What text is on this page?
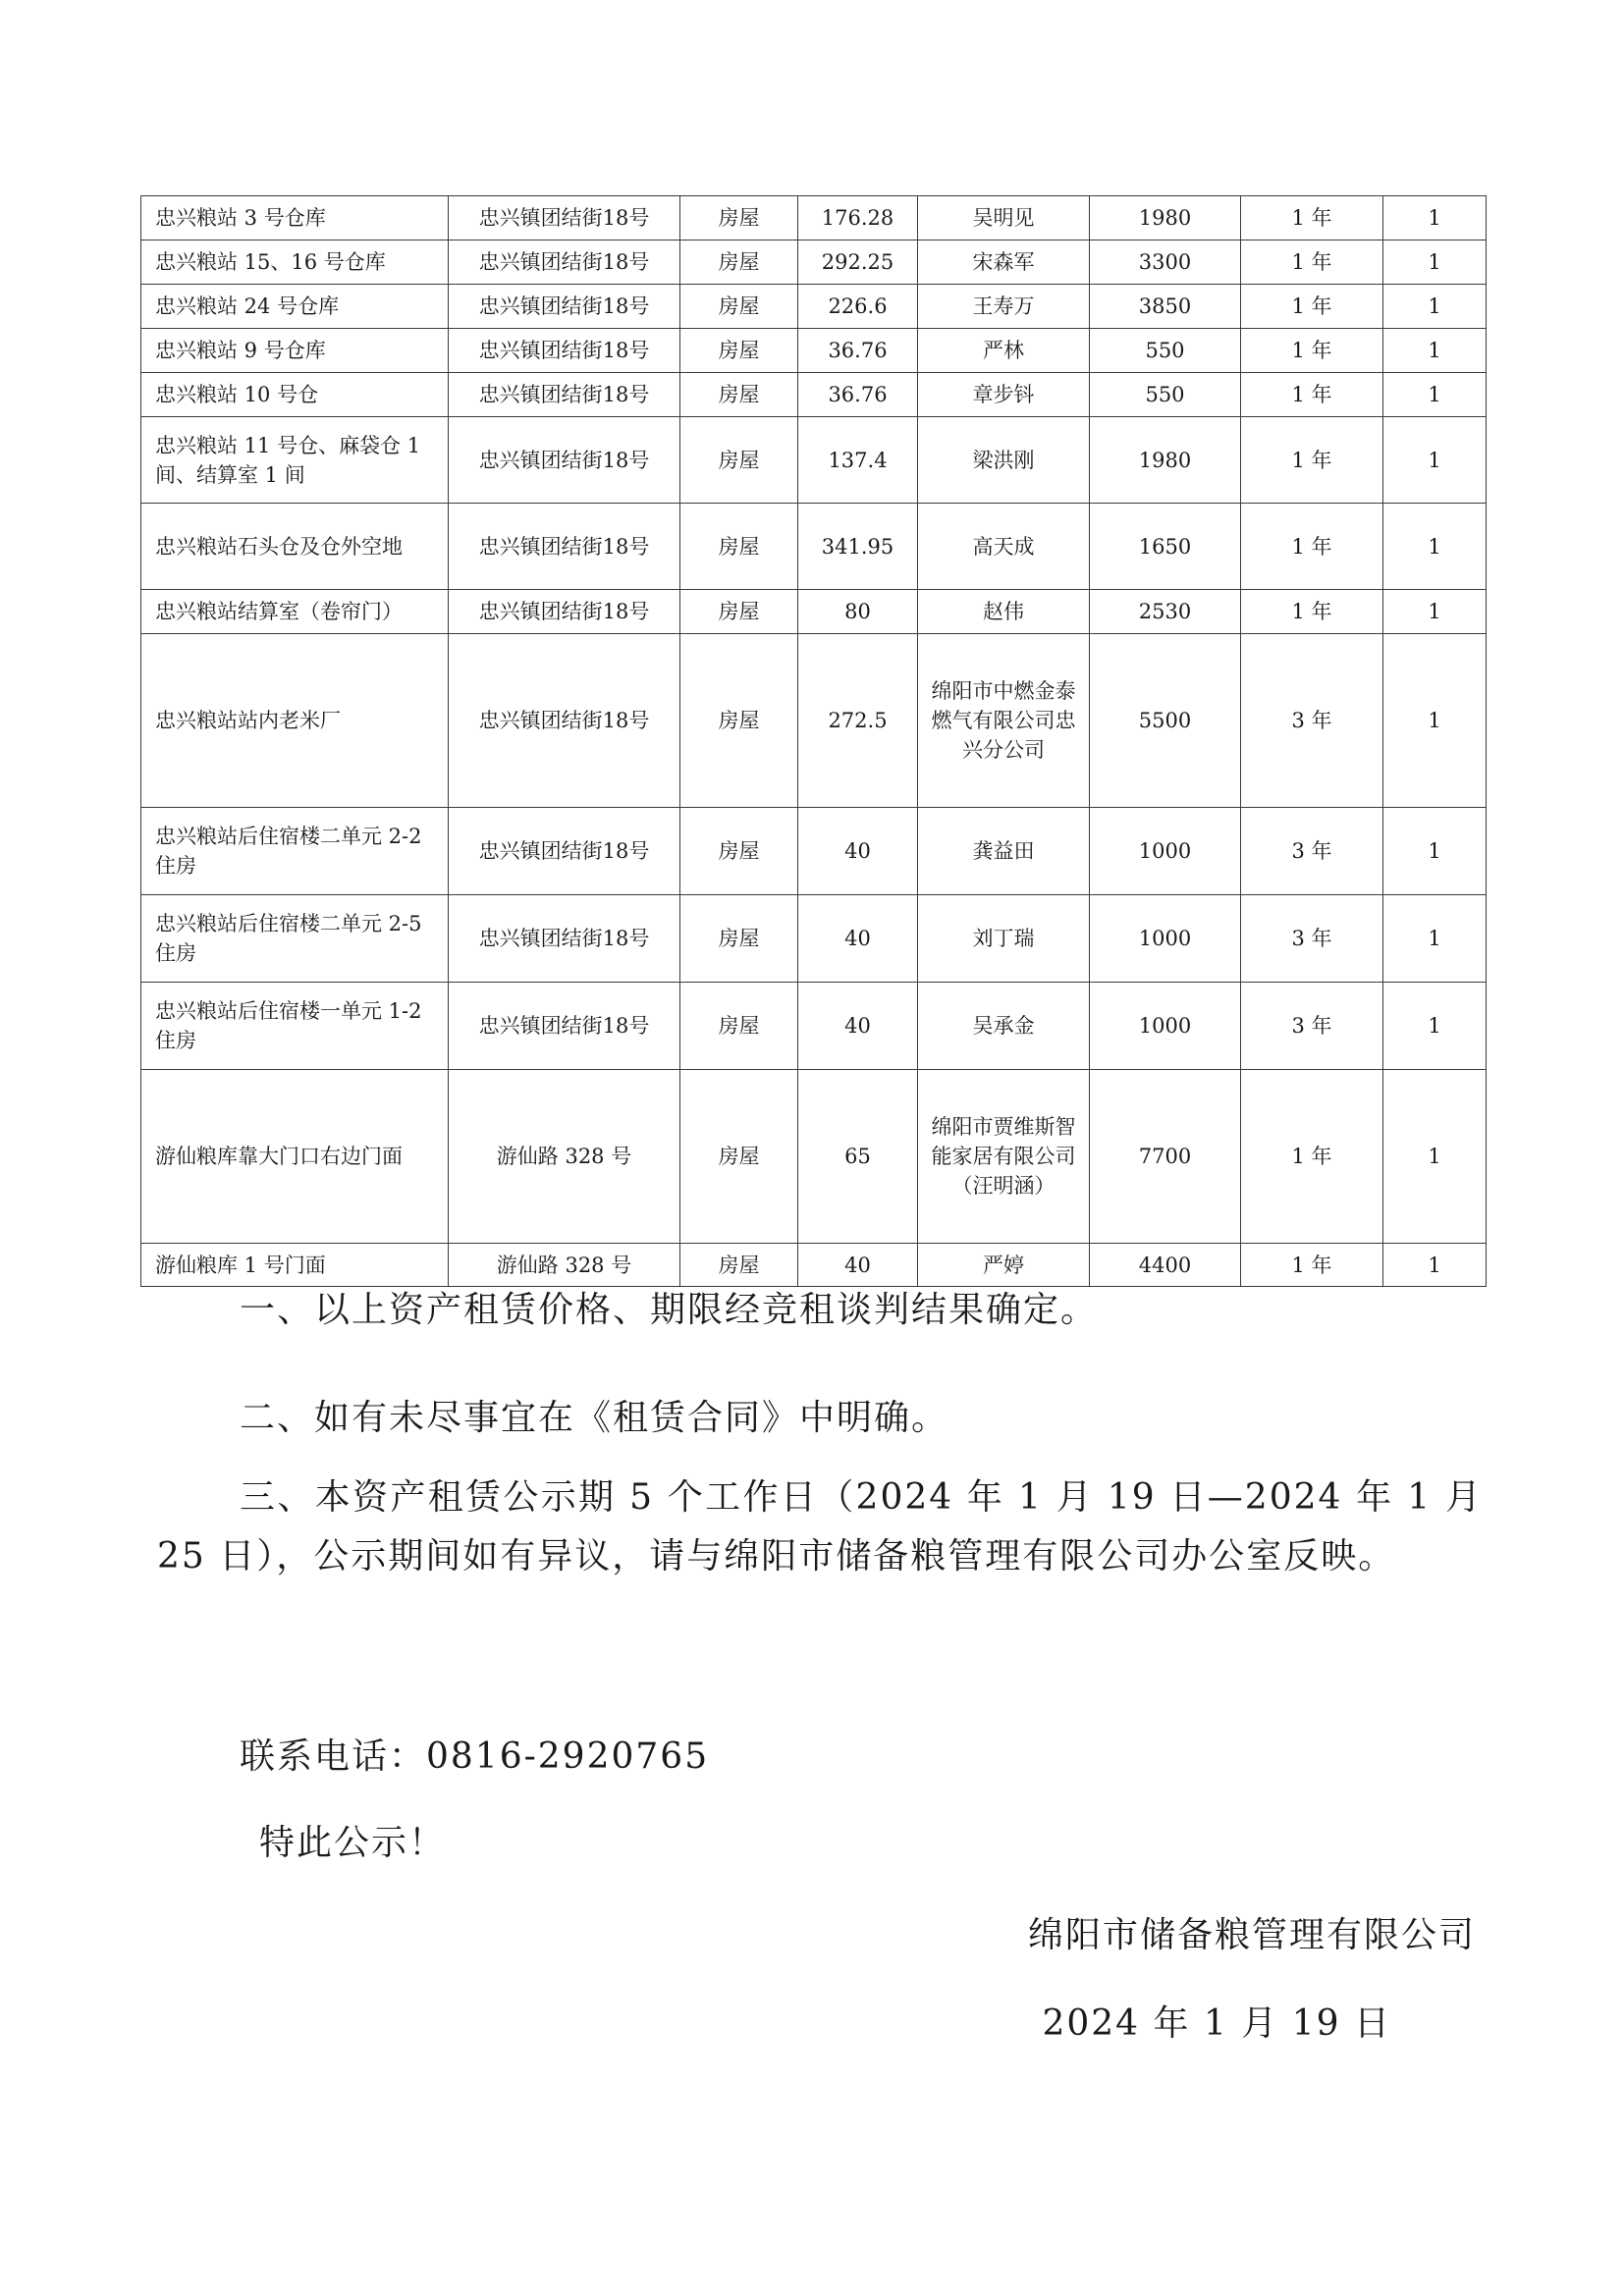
忠兴粮站 3 号仓库	忠兴镇团结街18号	房屋	176.28	吴明见	1980	1 年	1
忠兴粮站 15、16 号仓库	忠兴镇团结街18号	房屋	292.25	宋森军	3300	1 年	1
忠兴粮站 24 号仓库	忠兴镇团结街18号	房屋	226.6	王寿万	3850	1 年	1
忠兴粮站 9 号仓库	忠兴镇团结街18号	房屋	36.76	严林	550	1 年	1
忠兴粮站 10 号仓	忠兴镇团结街18号	房屋	36.76	章步钭	550	1 年	1
忠兴粮站 11 号仓、麻袋仓 1 间、结算室 1 间	忠兴镇团结街18号	房屋	137.4	梁洪刚	1980	1 年	1
忠兴粮站石头仓及仓外空地	忠兴镇团结街18号	房屋	341.95	高天成	1650	1 年	1
忠兴粮站结算室（卷帘门）	忠兴镇团结街18号	房屋	80	赵伟	2530	1 年	1
忠兴粮站站内老米厂	忠兴镇团结街18号	房屋	272.5	绵阳市中燃金泰燃气有限公司忠兴分公司	5500	3 年	1
忠兴粮站后住宿楼二单元 2-2 住房	忠兴镇团结街18号	房屋	40	龚益田	1000	3 年	1
忠兴粮站后住宿楼二单元 2-5 住房	忠兴镇团结街18号	房屋	40	刘丁瑞	1000	3 年	1
忠兴粮站后住宿楼一单元 1-2 住房	忠兴镇团结街18号	房屋	40	吴承金	1000	3 年	1
游仙粮库靠大门口右边门面	游仙路 328 号	房屋	65	绵阳市贾维斯智能家居有限公司（汪明涵）	7700	1 年	1
游仙粮库 1 号门面	游仙路 328 号	房屋	40	严婷	4400	1 年	1

一、以上资产租赁价格、期限经竞租谈判结果确定。

二、如有未尽事宜在《租赁合同》中明确。

三、本资产租赁公示期 5 个工作日（2024 年 1 月 19 日—2024 年 1 月 25 日），公示期间如有异议，请与绵阳市储备粮管理有限公司办公室反映。

联系电话：0816-2920765

特此公示！

绵阳市储备粮管理有限公司

2024 年 1 月 19 日
